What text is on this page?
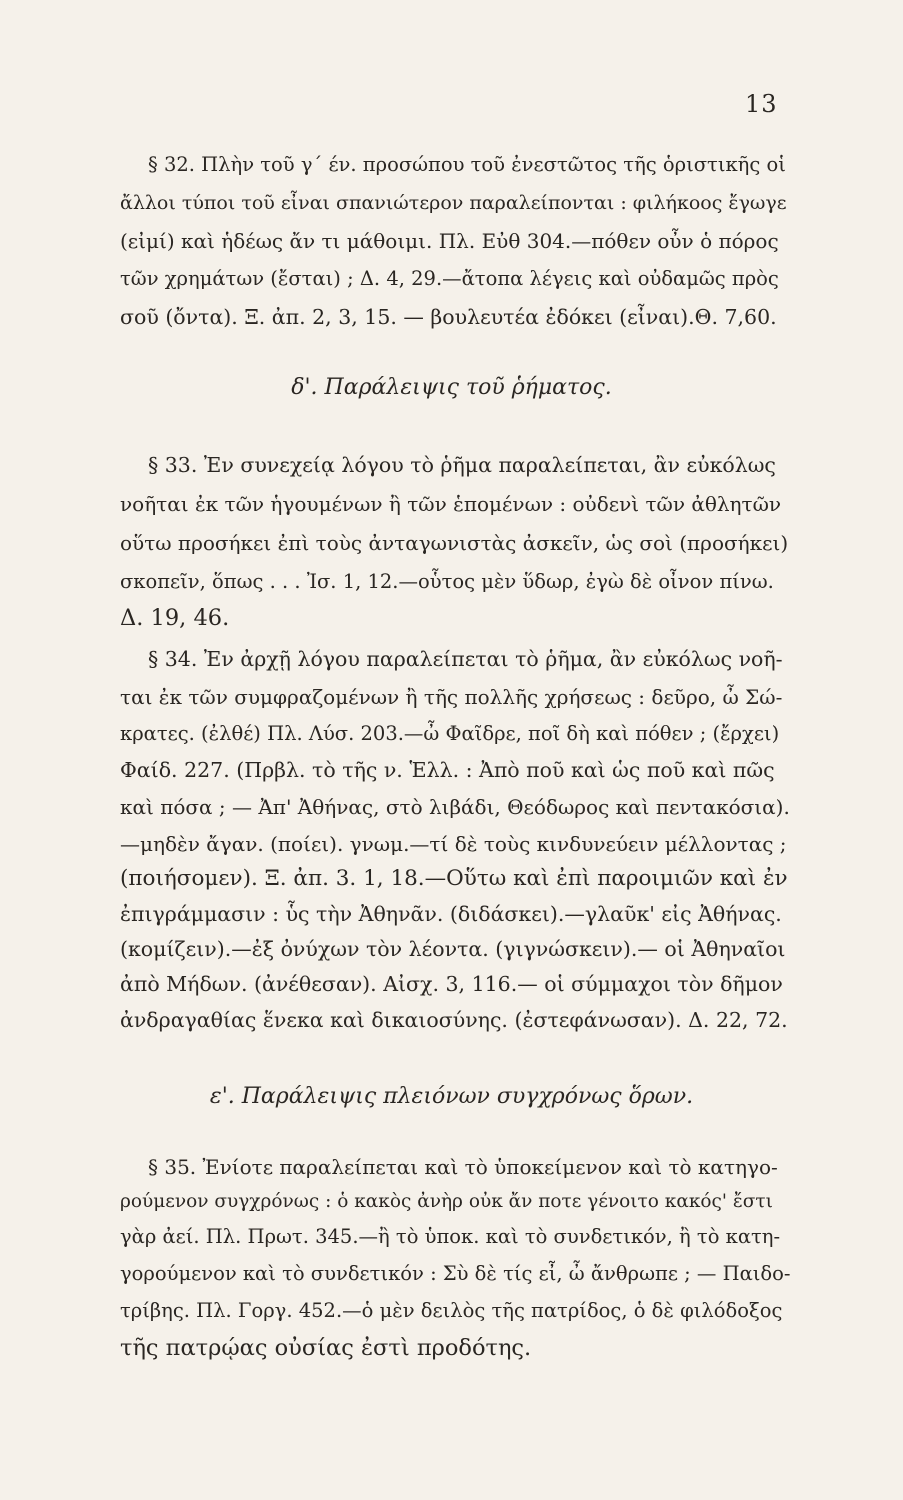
13
§ 32. Πλὴν τοῦ γ΄ έν. προσώπου τοῦ ἐνεστῶτος τῆς ὁριστικῆς οἱ
ἄλλοι τύποι τοῦ εἶναι σπανιώτερον παραλείπονται : φιλήκοος ἔγωγε
(εἰμί) καὶ ἡδέως ἄν τι μάθοιμι. Πλ. Εὐθ 304.—πόθεν οὖν ὁ πόρος
τῶν χρημάτων (ἔσται) ; Δ. 4, 29.—ἄτοπα λέγεις καὶ οὐδαμῶς πρὸς
σοῦ (ὄντα). Ξ. ἀπ. 2, 3, 15. — βουλευτέα ἐδόκει (εἶναι).Θ. 7,60.
δ'. Παράλειψις τοῦ ῥήματος.
§ 33. Ἐν συνεχείᾳ λόγου τὸ ῥῆμα παραλείπεται, ἂν εὐκόλως
νοῆται ἐκ τῶν ἡγουμένων ἢ τῶν ἑπομένων : οὐδενὶ τῶν ἀθλητῶν
οὕτω προσήκει ἐπὶ τοὺς ἀνταγωνιστὰς ἀσκεῖν, ὡς σοὶ (προσήκει)
σκοπεῖν, ὅπως . . . Ἰσ. 1, 12.—οὗτος μὲν ὕδωρ, ἐγὼ δὲ οἶνον πίνω.
Δ. 19, 46.
§ 34. Ἐν ἀρχῇ λόγου παραλείπεται τὸ ῥῆμα, ἂν εὐκόλως νοῆ-
ται ἐκ τῶν συμφραζομένων ἢ τῆς πολλῆς χρήσεως : δεῦρο, ὦ Σώ-
κρατες. (ἐλθέ) Πλ. Λύσ. 203.—ὦ Φαῖδρε, ποῖ δὴ καὶ πόθεν ; (ἔρχει)
Φαίδ. 227. (Πρβλ. τὸ τῆς ν. Ἑλλ. : Ἀπὸ ποῦ καὶ ὡς ποῦ καὶ πῶς
καὶ πόσα ; — Ἀπ' Ἀθήνας, στὸ λιβάδι, Θεόδωρος καὶ πεντακόσια).
—μηδὲν ἄγαν. (ποίει). γνωμ.—τί δὲ τοὺς κινδυνεύειν μέλλοντας ;
(ποιήσομεν). Ξ. ἀπ. 3. 1, 18.—Οὕτω καὶ ἐπὶ παροιμιῶν καὶ ἐν
ἐπιγράμμασιν : ὗς τὴν Ἀθηνᾶν. (διδάσκει).—γλαῦκ' εἰς Ἀθήνας.
(κομίζειν).—ἐξ ὀνύχων τὸν λέοντα. (γιγνώσκειν).— οἱ Ἀθηναῖοι
ἀπὸ Μήδων. (ἀνέθεσαν). Αἰσχ. 3, 116.— οἱ σύμμαχοι τὸν δῆμον
ἀνδραγαθίας ἕνεκα καὶ δικαιοσύνης. (ἐστεφάνωσαν). Δ. 22, 72.
ε'. Παράλειψις πλειόνων συγχρόνως ὅρων.
§ 35. Ἐνίοτε παραλείπεται καὶ τὸ ὑποκείμενον καὶ τὸ κατηγο-
ρούμενον συγχρόνως : ὁ κακὸς ἀνὴρ οὐκ ἄν ποτε γένοιτο κακός' ἔστι
γὰρ ἀεί. Πλ. Πρωτ. 345.—ἢ τὸ ὑποκ. καὶ τὸ συνδετικόν, ἢ τὸ κατη-
γορούμενον καὶ τὸ συνδετικόν : Σὺ δὲ τίς εἶ, ὦ ἄνθρωπε ; — Παιδο-
τρίβης. Πλ. Γοργ. 452.—ὁ μὲν δειλὸς τῆς πατρίδος, ὁ δὲ φιλόδοξος
τῆς πατρῴας οὐσίας ἐστὶ προδότης.
